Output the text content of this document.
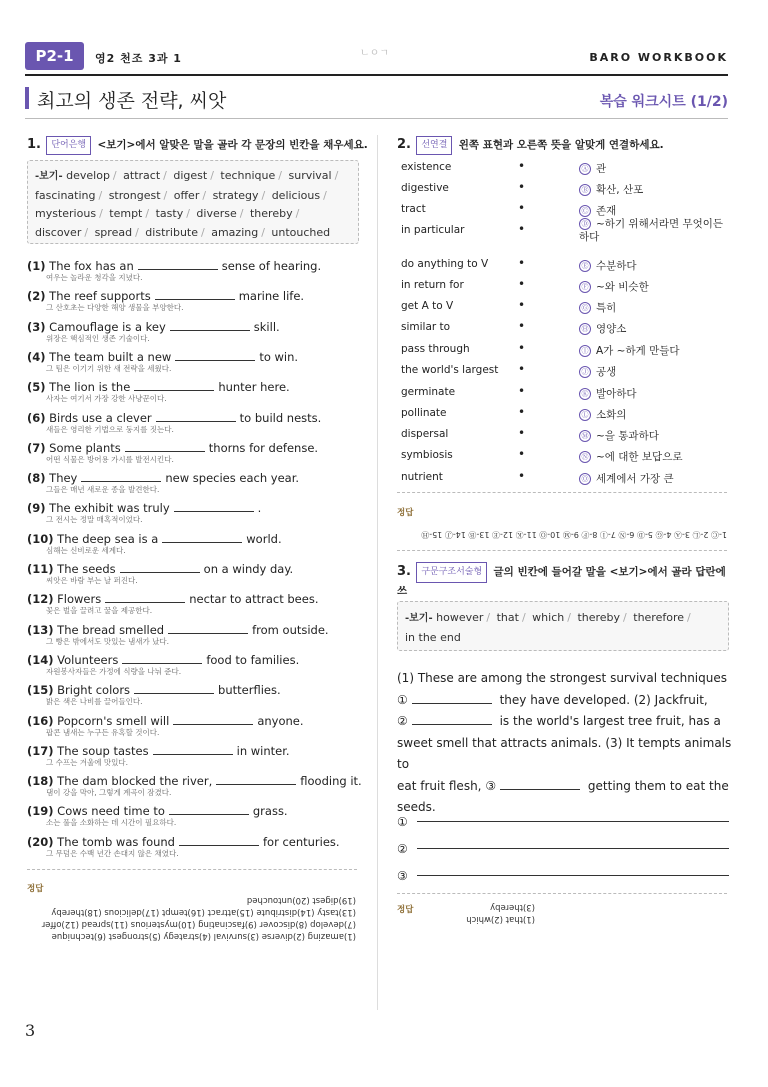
P2-1	영2 천조 3과 1	ㄴㅇㄱ	BARO WORKBOOK
최고의 생존 전략, 씨앗	복습 워크시트 (1/2)
1. 단어은행 <보기>에서 알맞은 말을 골라 각 문장의 빈칸을 채우세요.
-보기- develop / attract / digest / technique / survival / fascinating / strongest / offer / strategy / delicious / mysterious / tempt / tasty / diverse / thereby / discover / spread / distribute / amazing / untouched
(1) The fox has an	sense of hearing.
여우는 놀라운 청각을 지녔다.
(2) The reef supports	marine life.
그 산호초는 다양한 해양 생물을 부양한다.
(3) Camouflage is a key	skill.
위장은 핵심적인 생존 기술이다.
(4) The team built a new	to win.
그 팀은 이기기 위한 새 전략을 세웠다.
(5) The lion is the	hunter here.
사자는 여기서 가장 강한 사냥꾼이다.
(6) Birds use a clever	to build nests.
새들은 영리한 기법으로 둥지를 짓는다.
(7) Some plants	thorns for defense.
어떤 식물은 방어용 가시를 발전시킨다.
(8) They	new species each year.
그들은 매년 새로운 종을 발견한다.
(9) The exhibit was truly	.
그 전시는 정말 매혹적이었다.
(10) The deep sea is a	world.
심해는 신비로운 세계다.
(11) The seeds	on a windy day.
씨앗은 바람 부는 날 퍼진다.
(12) Flowers	nectar to attract bees.
꽃은 벌을 끌려고 꿀을 제공한다.
(13) The bread smelled	from outside.
그 빵은 밖에서도 맛있는 냄새가 났다.
(14) Volunteers	food to families.
자원봉사자들은 가정에 식량을 나눠 준다.
(15) Bright colors	butterflies.
밝은 색은 나비를 끌어들인다.
(16) Popcorn's smell will	anyone.
팝콘 냄새는 누구든 유혹할 것이다.
(17) The soup tastes	in winter.
그 수프는 겨울에 맛있다.
(18) The dam blocked the river,	flooding it.
댐이 강을 막아, 그렇게 계곡이 잠겼다.
(19) Cows need time to	grass.
소는 풀을 소화하는 데 시간이 필요하다.
(20) The tomb was found	for centuries.
그 무덤은 수백 년간 손대지 않은 채였다.
정답
(1)amazing (2)diverse (3)survival (4)strategy (5)strongest (6)technique
(7)develop (8)discover (9)fascinating (10)mysterious (11)spread (12)offer
(13)tasty (14)distribute (15)attract (16)tempt (17)delicious (18)thereby
(19)digest (20)untouched
2. 선연결 왼쪽 표현과 오른쪽 뜻을 알맞게 연결하세요.
existence	•	Ⓐ 관
digestive	•	Ⓑ 확산, 산포
tract	•	Ⓒ 존재
in particular	•	Ⓓ ~하기 위해서라면 무엇이든 하다
do anything to V •	Ⓔ 수분하다
in return for	•	Ⓕ ~와 비슷한
get A to V	•	Ⓖ 특히
similar to	•	Ⓗ 영양소
pass through	•	Ⓘ A가 ~하게 만들다
the world's largest •	Ⓙ 공생
germinate	•	Ⓚ 발아하다
pollinate	•	Ⓛ 소화의
dispersal	•	Ⓜ ~을 통과하다
symbiosis	•	Ⓝ ~에 대한 보답으로
nutrient	•	Ⓞ 세계에서 가장 큰
정답
1-Ⓒ 2-Ⓛ 3-Ⓐ 4-Ⓖ 5-Ⓓ 6-Ⓝ 7-Ⓘ 8-Ⓕ 9-Ⓜ 10-Ⓞ 11-Ⓚ 12-Ⓔ 13-Ⓑ 14-Ⓙ 15-Ⓗ
3. 구문구조서술형 글의 빈칸에 들어갈 말을 <보기>에서 골라 답란에 쓰

-보기- however / that / which / thereby / therefore / in the end
(1) These are among the strongest survival techniques
①	they have developed. (2) Jackfruit,
②	is the world's largest tree fruit, has a
sweet smell that attracts animals. (3) It tempts animals to
eat fruit flesh, ③	getting them to eat the
seeds.
①
②
③
정답
(1)that (2)which (3)thereby
3
